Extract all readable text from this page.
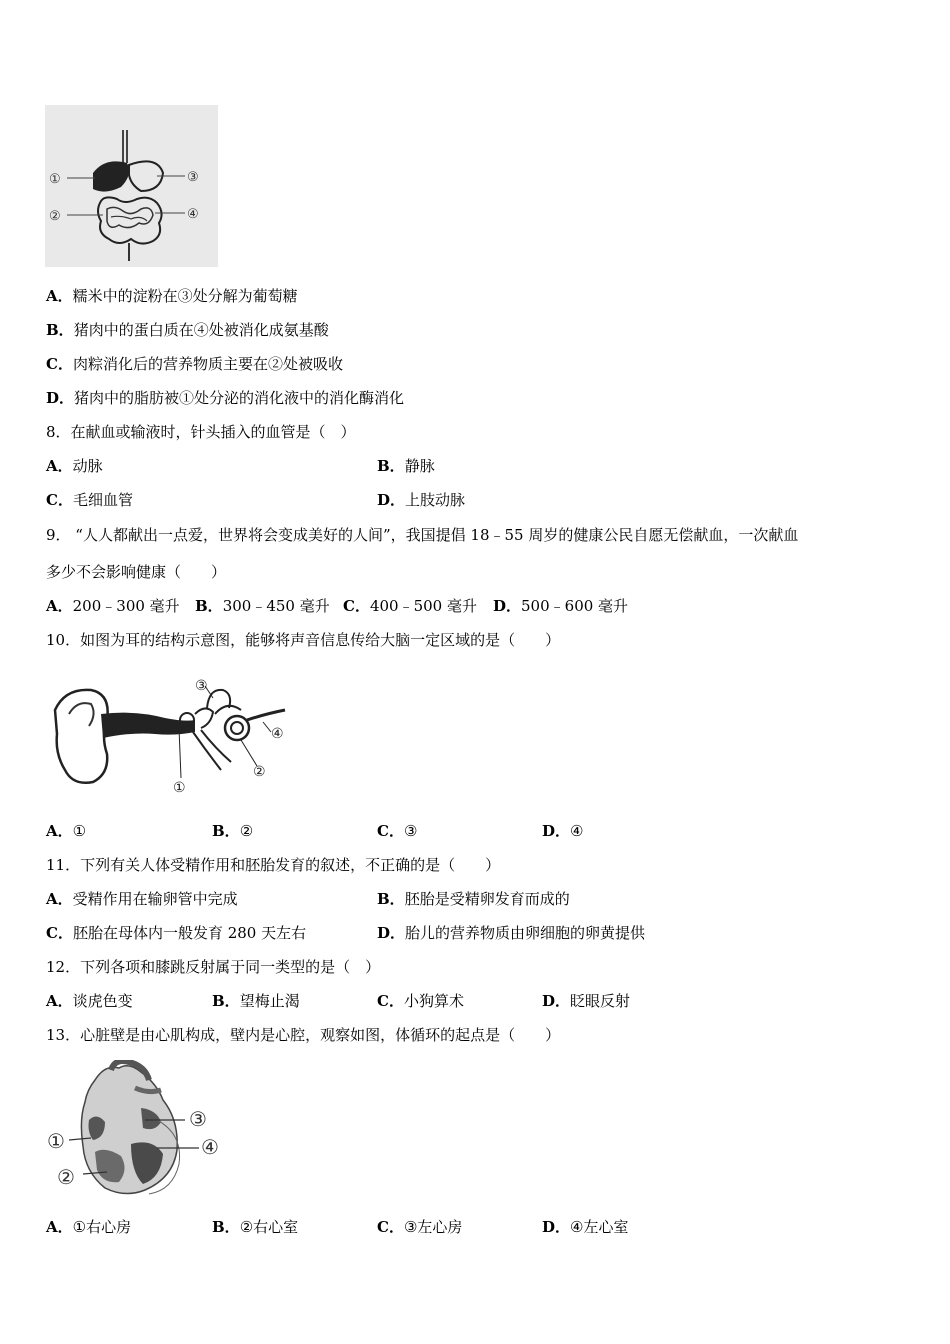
①
②
③
④
A．糯米中的淀粉在③处分解为葡萄糖
B．猪肉中的蛋白质在④处被消化成氨基酸
C．肉粽消化后的营养物质主要在②处被吸收
D．猪肉中的脂肪被①处分泌的消化液中的消化酶消化
8．在献血或输液时，针头插入的血管是（　）
A．动脉	B．静脉
C．毛细血管	D．上肢动脉
9． “人人都献出一点爱，世界将会变成美好的人间”，我国提倡 18﹣55 周岁的健康公民自愿无偿献血，一次献血
多少不会影响健康（　　）
A．200﹣300 毫升 B．300﹣450 毫升 C．400﹣500 毫升 D．500﹣600 毫升
10．如图为耳的结构示意图，能够将声音信息传给大脑一定区域的是（　　）
①
②
③
④
A．①	B．②	C．③	D．④
11．下列有关人体受精作用和胚胎发育的叙述，不正确的是（　　）
A．受精作用在输卵管中完成	B．胚胎是受精卵发育而成的
C．胚胎在母体内一般发育 280 天左右	D．胎儿的营养物质由卵细胞的卵黄提供
12．下列各项和膝跳反射属于同一类型的是（　）
A．谈虎色变	B．望梅止渴	C．小狗算术	D．眨眼反射
13．心脏壁是由心肌构成，壁内是心腔，观察如图，体循环的起点是（　　）
①
②
③
④
A．①右心房	B．②右心室	C．③左心房	D．④左心室
